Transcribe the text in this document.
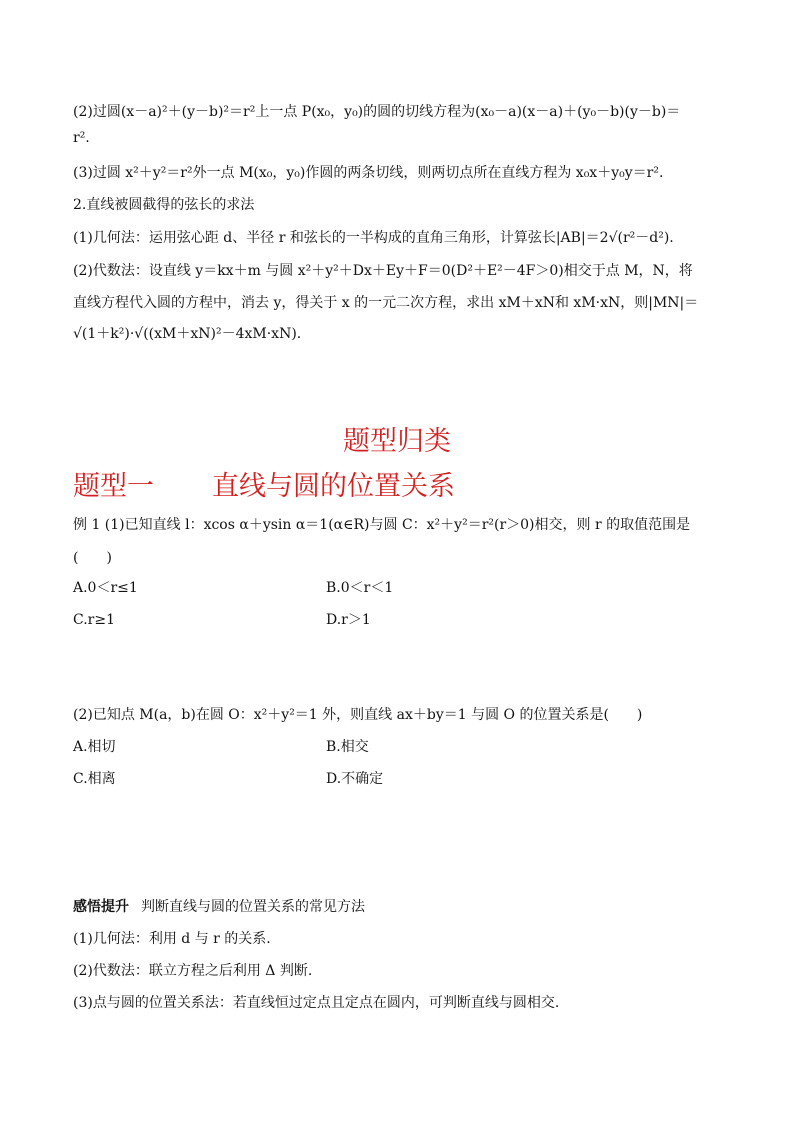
(2)过圆(x－a)²＋(y－b)²＝r²上一点 P(x₀，y₀)的圆的切线方程为(x₀－a)(x－a)＋(y₀－b)(y－b)＝
r².
(3)过圆 x²＋y²＝r²外一点 M(x₀，y₀)作圆的两条切线，则两切点所在直线方程为 x₀x＋y₀y＝r².
2.直线被圆截得的弦长的求法
(1)几何法：运用弦心距 d、半径 r 和弦长的一半构成的直角三角形，计算弦长|AB|＝2√(r²－d²).
(2)代数法：设直线 y＝kx＋m 与圆 x²＋y²＋Dx＋Ey＋F＝0(D²＋E²－4F＞0)相交于点 M，N，将
直线方程代入圆的方程中，消去 y，得关于 x 的一元二次方程，求出 xM＋xN和 xM·xN，则|MN|＝
√(1＋k²)·√((xM＋xN)²－4xM·xN).
题型归类
题型一 直线与圆的位置关系
例 1 (1)已知直线 l：xcos α＋ysin α＝1(α∈R)与圆 C：x²＋y²＝r²(r＞0)相交，则 r 的取值范围是
(　　)
A.0＜r≤1	B.0＜r＜1
C.r≥1	D.r＞1
(2)已知点 M(a，b)在圆 O：x²＋y²＝1 外，则直线 ax＋by＝1 与圆 O 的位置关系是(　　)
A.相切	B.相交
C.相离	D.不确定
感悟提升 判断直线与圆的位置关系的常见方法
(1)几何法：利用 d 与 r 的关系.
(2)代数法：联立方程之后利用 Δ 判断.
(3)点与圆的位置关系法：若直线恒过定点且定点在圆内，可判断直线与圆相交.
